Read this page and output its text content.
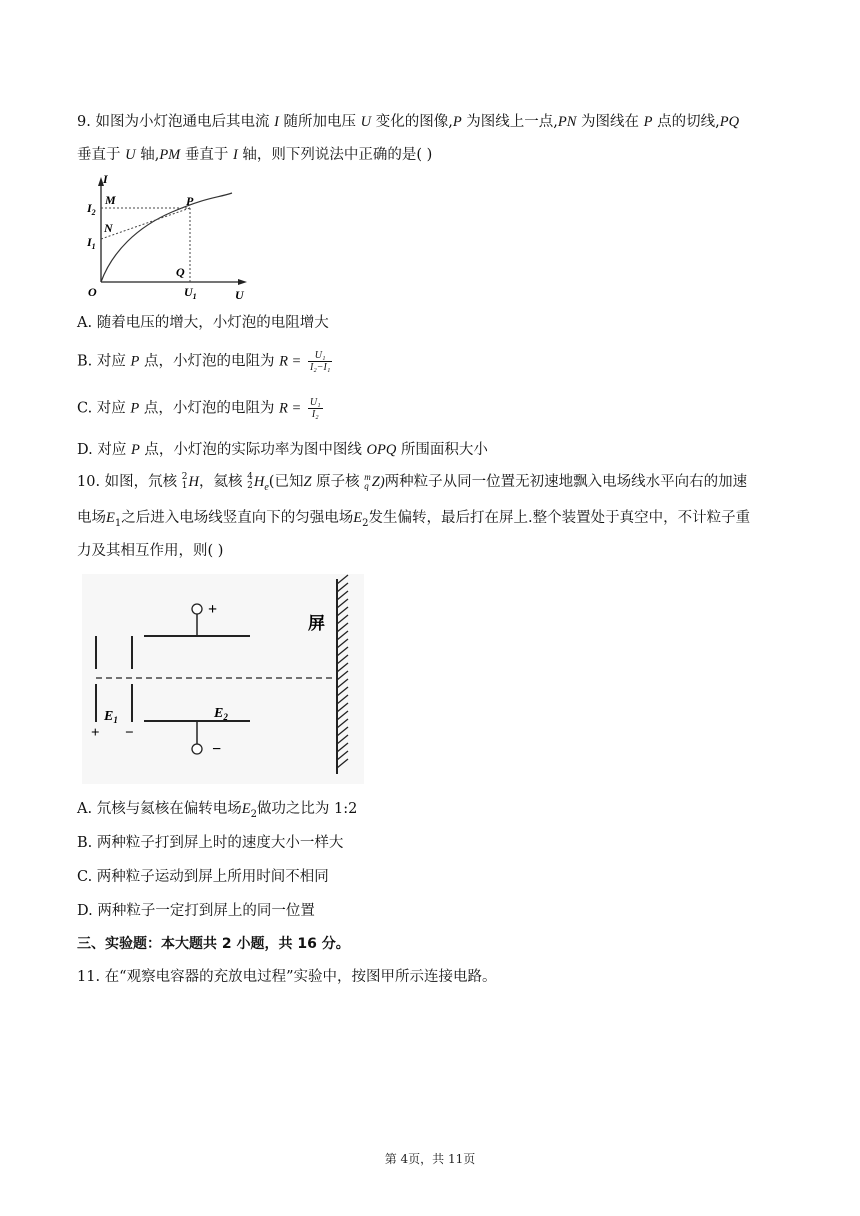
9. 如图为小灯泡通电后其电流 I 随所加电压 U 变化的图像,P 为图线上一点,PN 为图线在 P 点的切线,PQ
垂直于 U 轴,PM 垂直于 I 轴，则下列说法中正确的是( )
I
$I_2$
M	P
N
$I_1$
Q
O	$U_1$	U
A. 随着电压的增大，小灯泡的电阻增大
B. 对应 P 点，小灯泡的电阻为 $R = \frac{\text{U₁}}{\text{I₂−I₁}}$
C. 对应 P 点，小灯泡的电阻为 $R = \frac{\text{U₁}}{\text{I₂}}$
D. 对应 P 点，小灯泡的实际功率为图中图线 OPQ 所围面积大小
10. 如图，氘核 2
1 H，氦核 4
2 $H_e$(已知Z 原子核 m
q Z)两种粒子从同一位置无初速地飘入电场线水平向右的加速
电场$E_1$之后进入电场线竖直向下的匀强电场$E_2$发生偏转，最后打在屏上.整个装置处于真空中，不计粒子重
力及其相互作用，则( )
+
−
屏
$E_1$	$E_2$
+ −
A. 氘核与氦核在偏转电场$E_2$做功之比为 1:2
B. 两种粒子打到屏上时的速度大小一样大
C. 两种粒子运动到屏上所用时间不相同
D. 两种粒子一定打到屏上的同一位置
三、实验题：本大题共 2 小题，共 16 分。
11. 在“观察电容器的充放电过程”实验中，按图甲所示连接电路。
第 4页，共 11页
